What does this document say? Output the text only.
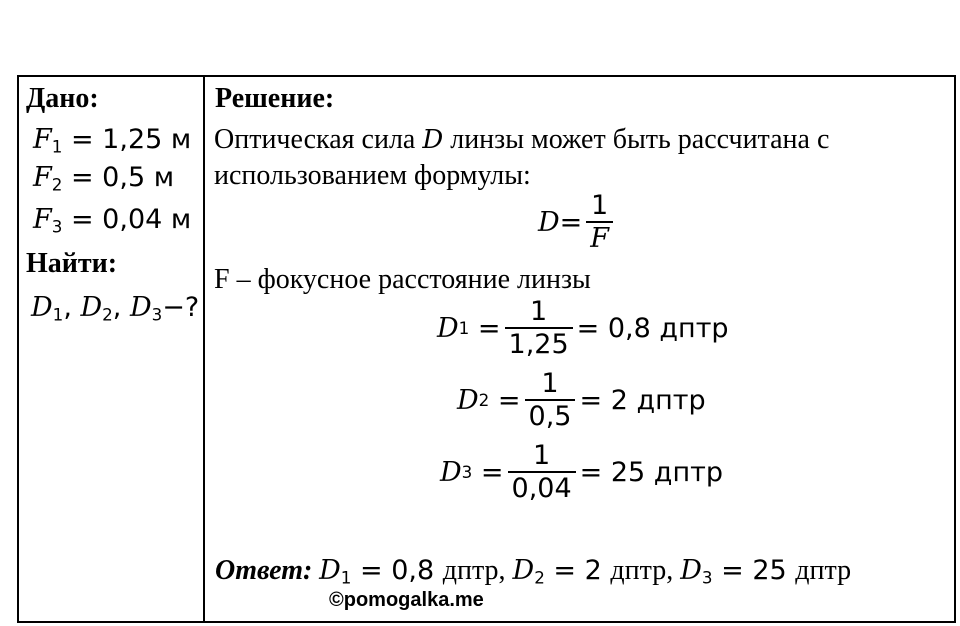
Дано:
$F_1 = 1,25$ м
$F_2 = 0,5$ м
$F_3 = 0,04$ м
Найти:
$D_1$, $D_2$, $D_3-$?
Решение:
Оптическая сила D линзы может быть рассчитана с
использованием формулы:
$D = \frac{1}{F}$
F – фокусное расстояние линзы
D $1 = \frac{1}{1,25} = 0,8$ дптр
D $2 = \frac{1}{0,5} = 2$ дптр
D $3 = \frac{1}{0,04} = 25$ дптр
Ответ: $D_1 = 0,8$ дптр, $D_2 = 2$ дптр, $D_3 = 25$ дптр
©pomogalka.me
